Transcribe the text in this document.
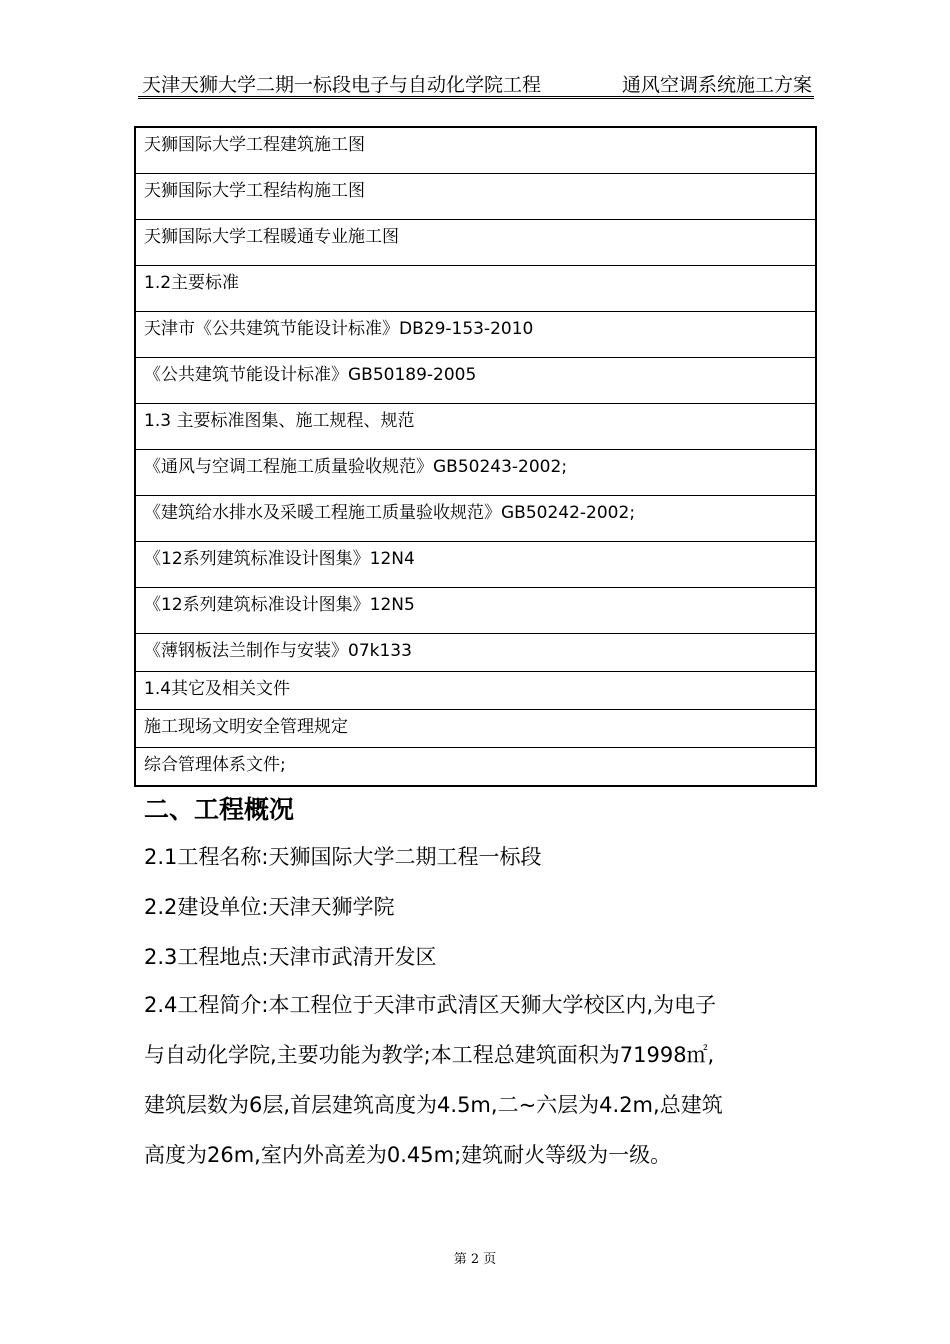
天津天狮大学二期一标段电子与自动化学院工程	通风空调系统施工方案
天狮国际大学工程建筑施工图
天狮国际大学工程结构施工图
天狮国际大学工程暖通专业施工图
1.2主要标准
天津市《公共建筑节能设计标准》DB29-153-2010
《公共建筑节能设计标准》GB50189-2005
1.3 主要标准图集、施工规程、规范
《通风与空调工程施工质量验收规范》GB50243-2002;
《建筑给水排水及采暖工程施工质量验收规范》GB50242-2002;
《12系列建筑标准设计图集》12N4
《12系列建筑标准设计图集》12N5
《薄钢板法兰制作与安装》07k133
1.4其它及相关文件
施工现场文明安全管理规定
综合管理体系文件;
二、工程概况
2.1工程名称:天狮国际大学二期工程一标段
2.2建设单位:天津天狮学院
2.3工程地点:天津市武清开发区
2.4工程简介:本工程位于天津市武清区天狮大学校区内,为电子
与自动化学院,主要功能为教学;本工程总建筑面积为71998㎡,
建筑层数为6层,首层建筑高度为4.5m,二~六层为4.2m,总建筑
高度为26m,室内外高差为0.45m;建筑耐火等级为一级。
第 2 页
